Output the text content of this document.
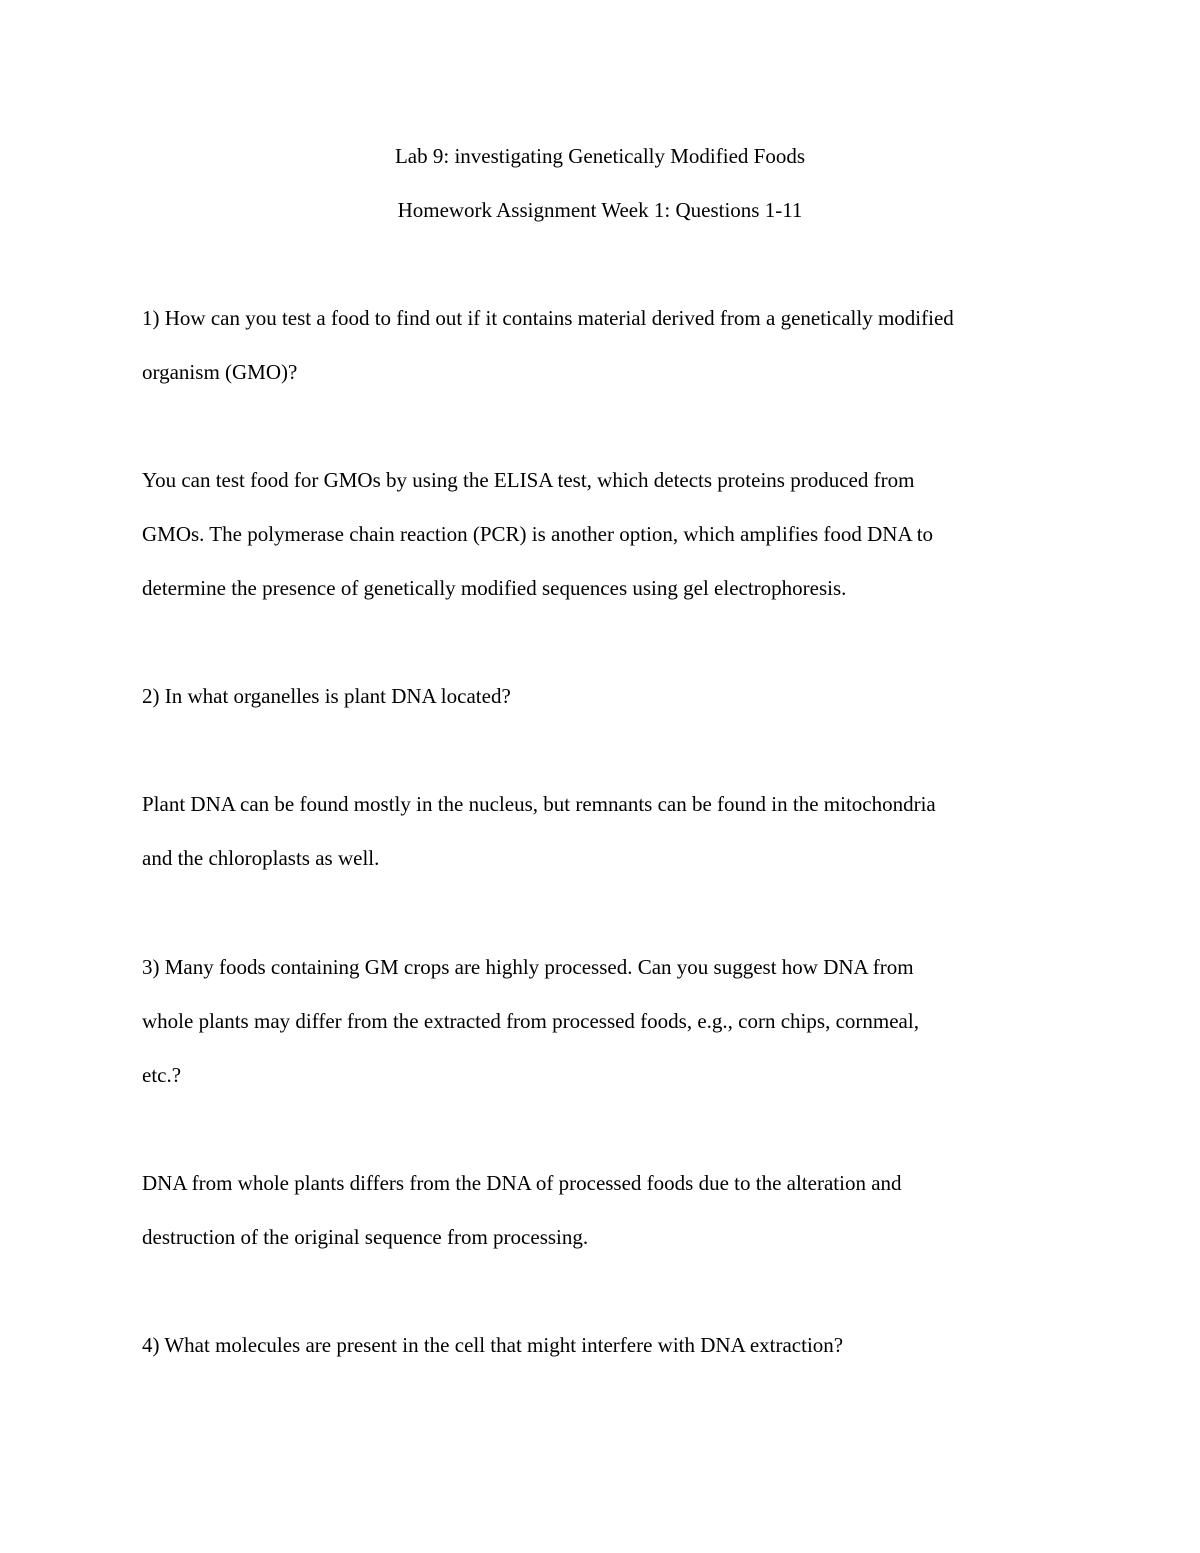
Lab 9: investigating Genetically Modified Foods

Homework Assignment Week 1: Questions 1-11

1) How can you test a food to find out if it contains material derived from a genetically modified

organism (GMO)?

You can test food for GMOs by using the ELISA test, which detects proteins produced from

GMOs. The polymerase chain reaction (PCR) is another option, which amplifies food DNA to

determine the presence of genetically modified sequences using gel electrophoresis.

2) In what organelles is plant DNA located?

Plant DNA can be found mostly in the nucleus, but remnants can be found in the mitochondria

and the chloroplasts as well.

3) Many foods containing GM crops are highly processed. Can you suggest how DNA from

whole plants may differ from the extracted from processed foods, e.g., corn chips, cornmeal,

etc.?

DNA from whole plants differs from the DNA of processed foods due to the alteration and

destruction of the original sequence from processing.

4) What molecules are present in the cell that might interfere with DNA extraction?
